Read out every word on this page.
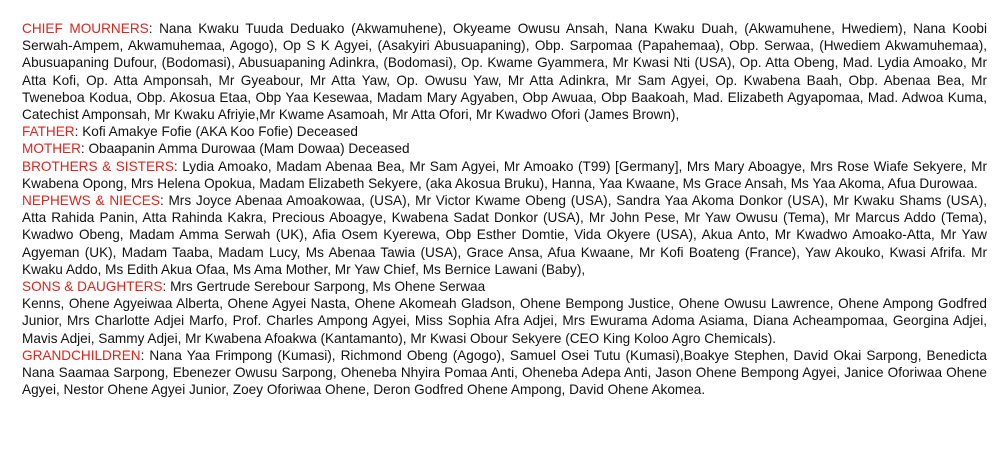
CHIEF MOURNERS: Nana Kwaku Tuuda Deduako (Akwamuhene), Okyeame Owusu Ansah, Nana Kwaku Duah, (Akwamuhene, Hwediem), Nana Koobi Serwah-Ampem, Akwamuhemaa, Agogo), Op S K Agyei, (Asakyiri Abusuapaning), Obp. Sarpomaa (Papahemaa), Obp. Serwaa, (Hwediem Akwamuhemaa), Abusuapaning Dufour, (Bodomasi), Abusuapaning Adinkra, (Bodomasi), Op. Kwame Gyammera, Mr Kwasi Nti (USA), Op. Atta Obeng, Mad. Lydia Amoako, Mr Atta Kofi, Op. Atta Amponsah, Mr Gyeabour, Mr Atta Yaw, Op. Owusu Yaw, Mr Atta Adinkra, Mr Sam Agyei, Op. Kwabena Baah, Obp. Abenaa Bea, Mr Tweneboa Kodua, Obp. Akosua Etaa, Obp Yaa Kesewaa, Madam Mary Agyaben, Obp Awuaa, Obp Baakoah, Mad. Elizabeth Agyapomaa, Mad. Adwoa Kuma, Catechist Amponsah, Mr Kwaku Afriyie,Mr Kwame Asamoah, Mr Atta Ofori, Mr Kwadwo Ofori (James Brown),

FATHER: Kofi Amakye Fofie (AKA Koo Fofie) Deceased

MOTHER: Obaapanin Amma Durowaa (Mam Dowaa) Deceased

BROTHERS & SISTERS: Lydia Amoako, Madam Abenaa Bea, Mr Sam Agyei, Mr Amoako (T99) [Germany], Mrs Mary Aboagye, Mrs Rose Wiafe Sekyere, Mr Kwabena Opong, Mrs Helena Opokua, Madam Elizabeth Sekyere, (aka Akosua Bruku), Hanna, Yaa Kwaane, Ms Grace Ansah, Ms Yaa Akoma, Afua Durowaa.

NEPHEWS & NIECES: Mrs Joyce Abenaa Amoakowaa, (USA), Mr Victor Kwame Obeng (USA), Sandra Yaa Akoma Donkor (USA), Mr Kwaku Shams (USA), Atta Rahida Panin, Atta Rahinda Kakra, Precious Aboagye, Kwabena Sadat Donkor (USA), Mr John Pese, Mr Yaw Owusu (Tema), Mr Marcus Addo (Tema), Kwadwo Obeng, Madam Amma Serwah (UK), Afia Osem Kyerewa, Obp Esther Domtie, Vida Okyere (USA), Akua Anto, Mr Kwadwo Amoako-Atta, Mr Yaw Agyeman (UK), Madam Taaba, Madam Lucy, Ms Abenaa Tawia (USA), Grace Ansa, Afua Kwaane, Mr Kofi Boateng (France), Yaw Akouko, Kwasi Afrifa. Mr Kwaku Addo, Ms Edith Akua Ofaa, Ms Ama Mother, Mr Yaw Chief, Ms Bernice Lawani (Baby),

SONS & DAUGHTERS: Mrs Gertrude Serebour Sarpong, Ms Ohene Serwaa

Kenns, Ohene Agyeiwaa Alberta, Ohene Agyei Nasta, Ohene Akomeah Gladson, Ohene Bempong Justice, Ohene Owusu Lawrence, Ohene Ampong Godfred Junior, Mrs Charlotte Adjei Marfo, Prof. Charles Ampong Agyei, Miss Sophia Afra Adjei, Mrs Ewurama Adoma Asiama, Diana Acheampomaa, Georgina Adjei, Mavis Adjei, Sammy Adjei, Mr Kwabena Afoakwa (Kantamanto), Mr Kwasi Obour Sekyere (CEO King Koloo Agro Chemicals).

GRANDCHILDREN: Nana Yaa Frimpong (Kumasi), Richmond Obeng (Agogo), Samuel Osei Tutu (Kumasi),Boakye Stephen, David Okai Sarpong, Benedicta Nana Saamaa Sarpong, Ebenezer Owusu Sarpong, Oheneba Nhyira Pomaa Anti, Oheneba Adepa Anti, Jason Ohene Bempong Agyei, Janice Oforiwaa Ohene Agyei, Nestor Ohene Agyei Junior, Zoey Oforiwaa Ohene, Deron Godfred Ohene Ampong, David Ohene Akomea.
